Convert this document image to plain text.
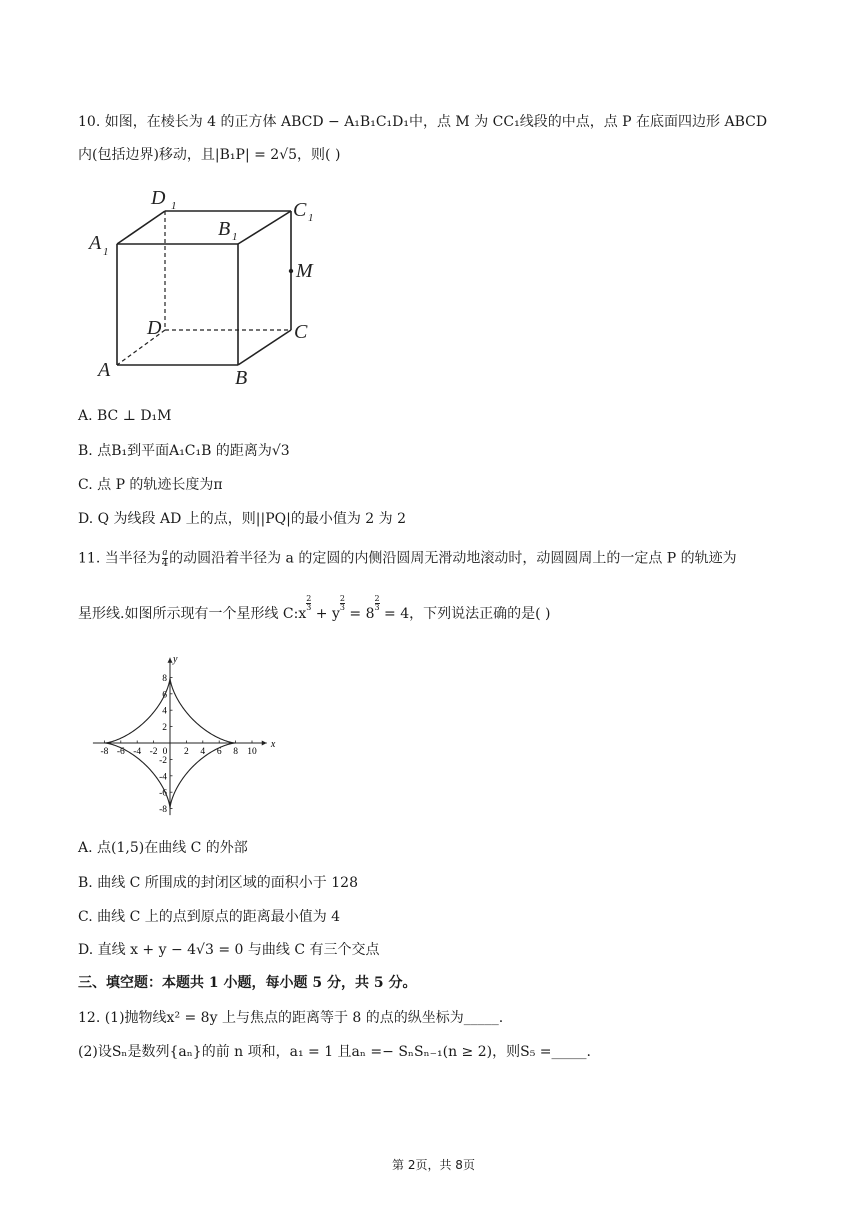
10. 如图，在棱长为 4 的正方体 ABCD − A₁B₁C₁D₁中，点 M 为 CC₁线段的中点，点 P 在底面四边形 ABCD
内(包括边界)移动，且|B₁P| = 2√5，则( )
D 1	C 1
A 1
B 1
M
D	C
A	B
A. BC ⊥ D₁M
B. 点B₁到平面A₁C₁B 的距离为√3
C. 点 P 的轨迹长度为π
D. Q 为线段 AD 上的点，则||PQ|的最小值为 2 为 2
11. 当半径为 $\frac{a}{4}$ 的动圆沿着半径为 a 的定圆的内侧沿圆周无滑动地滚动时，动圆圆周上的一定点 P 的轨迹为
星形线.如图所示现有一个星形线 C:x
$\frac{2}{3}$
+ y
$\frac{2}{3}$
= 8
$\frac{2}{3}$
= 4，下列说法正确的是( )
x
y
-8 -6 -4 -2 0 2 4 6 8 10
8
6
4
2
-2
-4
-6
-8
A. 点(1,5)在曲线 C 的外部
B. 曲线 C 所围成的封闭区域的面积小于 128
C. 曲线 C 上的点到原点的距离最小值为 4
D. 直线 x + y − 4√3 = 0 与曲线 C 有三个交点
三、填空题：本题共 1 小题，每小题 5 分，共 5 分。
12. (1)抛物线x² = 8y 上与焦点的距离等于 8 的点的纵坐标为_____.
(2)设Sₙ是数列{aₙ}的前 n 项和，a₁ = 1 且aₙ =− SₙSₙ₋₁(n ≥ 2)，则S₅ =_____.
第 2页，共 8页
